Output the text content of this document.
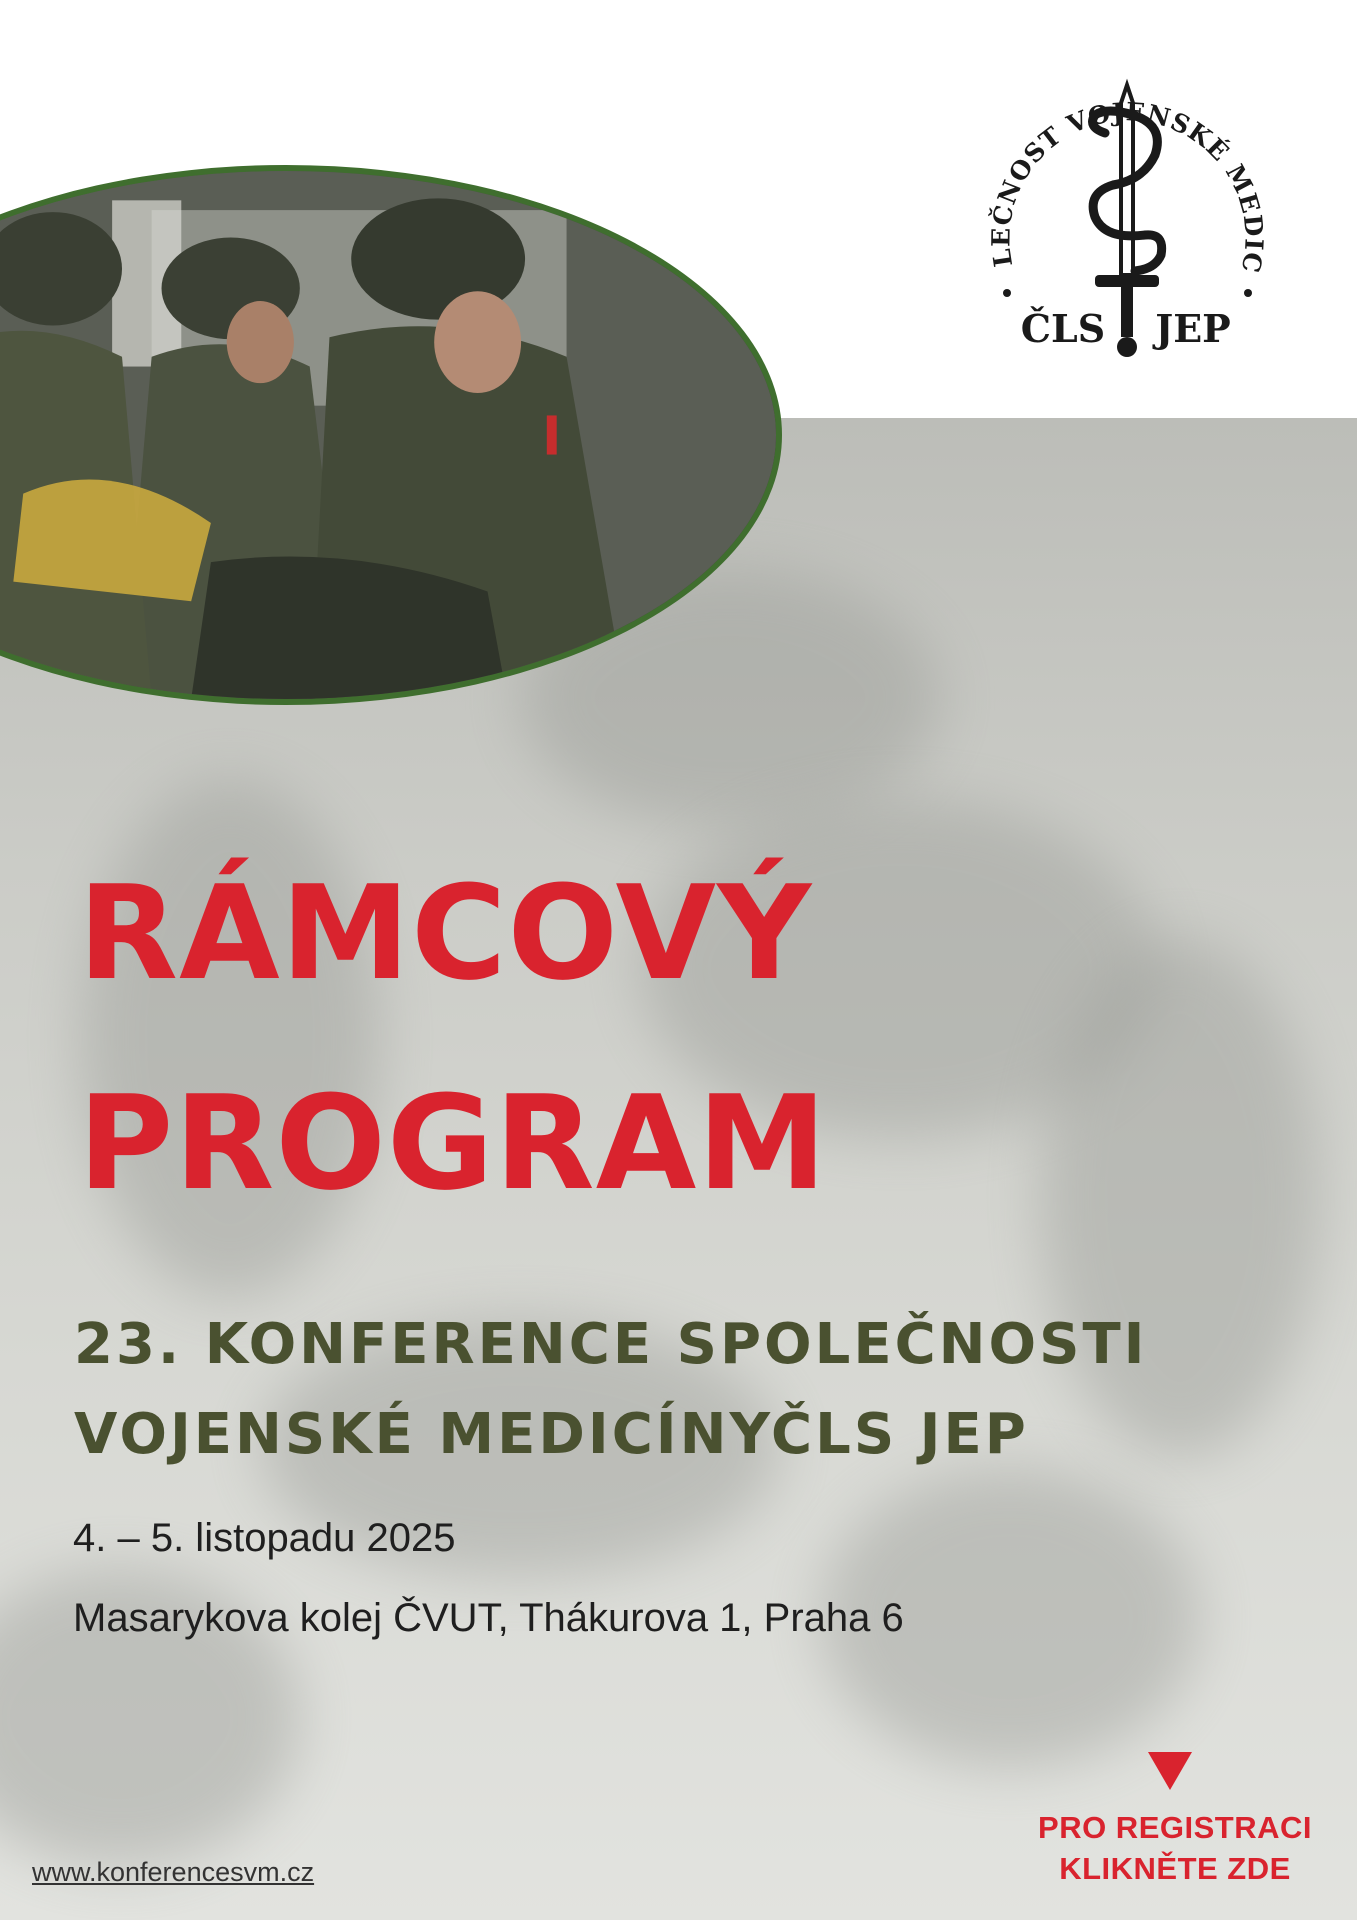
LEČNOST VOJENSKÉ MEDIC
ČLS JEP
RÁMCOVÝ
PROGRAM
23. KONFERENCE SPOLEČNOSTI
VOJENSKÉ MEDICÍNYČLS JEP

4. – 5. listopadu 2025

Masarykova kolej ČVUT, Thákurova 1, Praha 6

PRO REGISTRACI
KLIKNĚTE ZDE
www.konferencesvm.cz
